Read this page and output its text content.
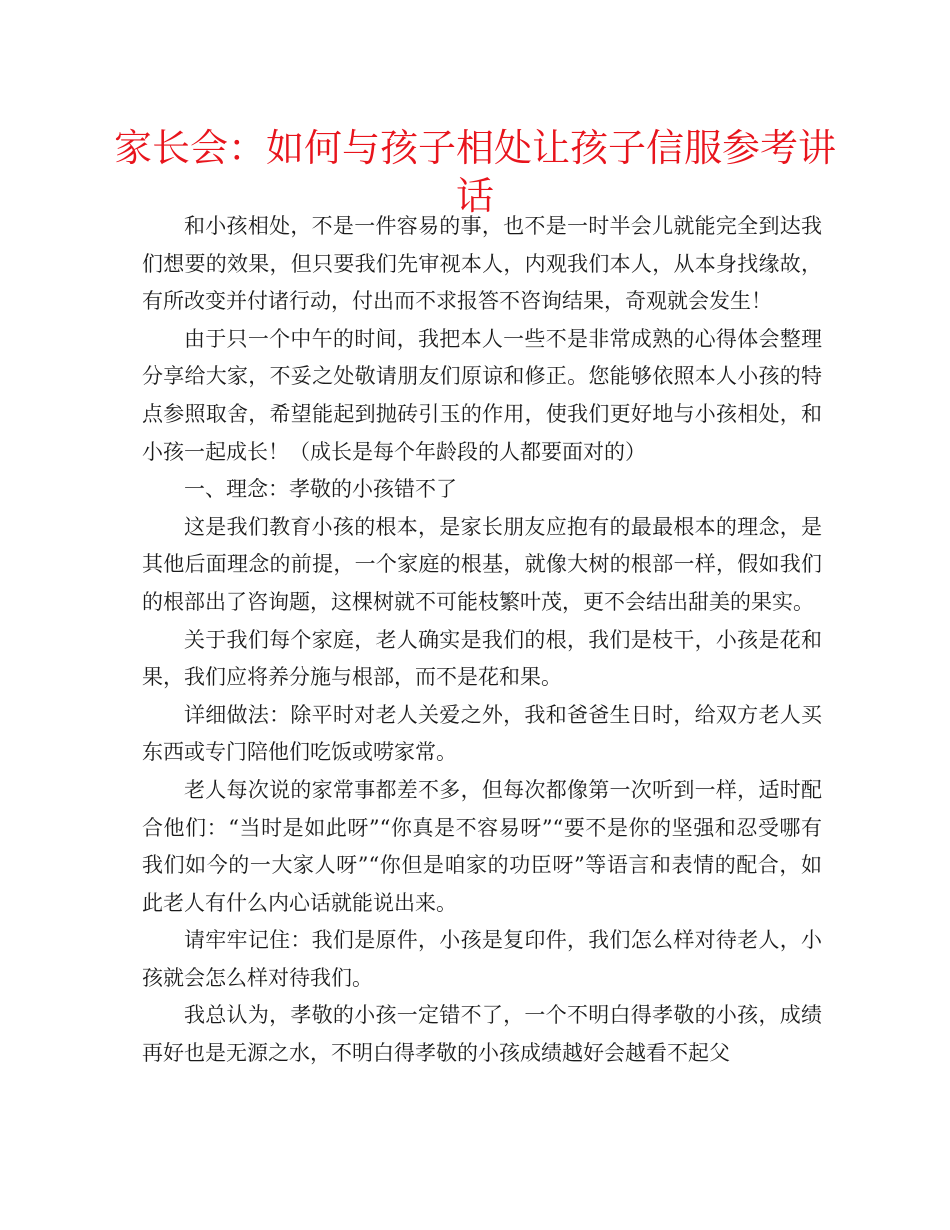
家长会：如何与孩子相处让孩子信服参考讲话

和小孩相处，不是一件容易的事，也不是一时半会儿就能完全到达我们想要的效果，但只要我们先审视本人，内观我们本人，从本身找缘故，有所改变并付诸行动，付出而不求报答不咨询结果，奇观就会发生！

由于只一个中午的时间，我把本人一些不是非常成熟的心得体会整理分享给大家，不妥之处敬请朋友们原谅和修正。您能够依照本人小孩的特点参照取舍，希望能起到抛砖引玉的作用，使我们更好地与小孩相处，和小孩一起成长！（成长是每个年龄段的人都要面对的）

一、理念：孝敬的小孩错不了

这是我们教育小孩的根本，是家长朋友应抱有的最最根本的理念，是其他后面理念的前提，一个家庭的根基，就像大树的根部一样，假如我们的根部出了咨询题，这棵树就不可能枝繁叶茂，更不会结出甜美的果实。

关于我们每个家庭，老人确实是我们的根，我们是枝干，小孩是花和果，我们应将养分施与根部，而不是花和果。

详细做法：除平时对老人关爱之外，我和爸爸生日时，给双方老人买东西或专门陪他们吃饭或唠家常。

老人每次说的家常事都差不多，但每次都像第一次听到一样，适时配合他们：“当时是如此呀”“你真是不容易呀”“要不是你的坚强和忍受哪有我们如今的一大家人呀”“你但是咱家的功臣呀”等语言和表情的配合，如此老人有什么内心话就能说出来。

请牢牢记住：我们是原件，小孩是复印件，我们怎么样对待老人，小孩就会怎么样对待我们。

我总认为，孝敬的小孩一定错不了，一个不明白得孝敬的小孩，成绩再好也是无源之水，不明白得孝敬的小孩成绩越好会越看不起父
